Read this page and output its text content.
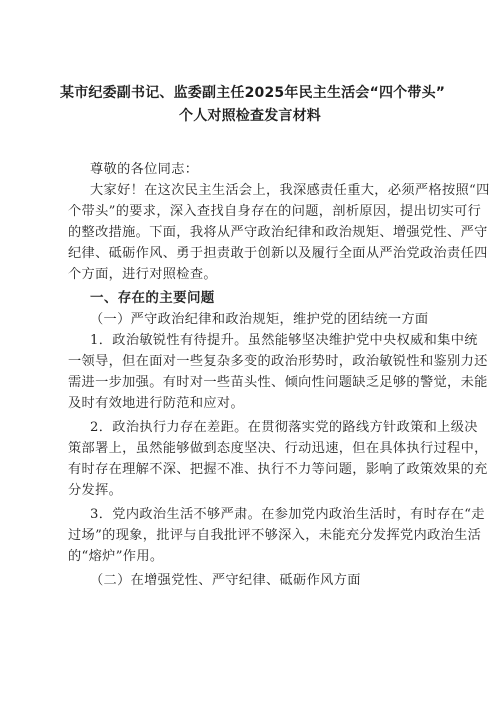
某市纪委副书记、监委副主任2025年民主生活会“四个带头”
个人对照检查发言材料
尊敬的各位同志：
大家好！在这次民主生活会上，我深感责任重大，必须严格按照“四
个带头”的要求，深入查找自身存在的问题，剖析原因，提出切实可行
的整改措施。下面，我将从严守政治纪律和政治规矩、增强党性、严守
纪律、砥砺作风、勇于担责敢于创新以及履行全面从严治党政治责任四
个方面，进行对照检查。
一、存在的主要问题
（一）严守政治纪律和政治规矩，维护党的团结统一方面
1．政治敏锐性有待提升。虽然能够坚决维护党中央权威和集中统
一领导，但在面对一些复杂多变的政治形势时，政治敏锐性和鉴别力还
需进一步加强。有时对一些苗头性、倾向性问题缺乏足够的警觉，未能
及时有效地进行防范和应对。
2．政治执行力存在差距。在贯彻落实党的路线方针政策和上级决
策部署上，虽然能够做到态度坚决、行动迅速，但在具体执行过程中，
有时存在理解不深、把握不准、执行不力等问题，影响了政策效果的充
分发挥。
3．党内政治生活不够严肃。在参加党内政治生活时，有时存在“走
过场”的现象，批评与自我批评不够深入，未能充分发挥党内政治生活
的“熔炉”作用。
（二）在增强党性、严守纪律、砥砺作风方面
